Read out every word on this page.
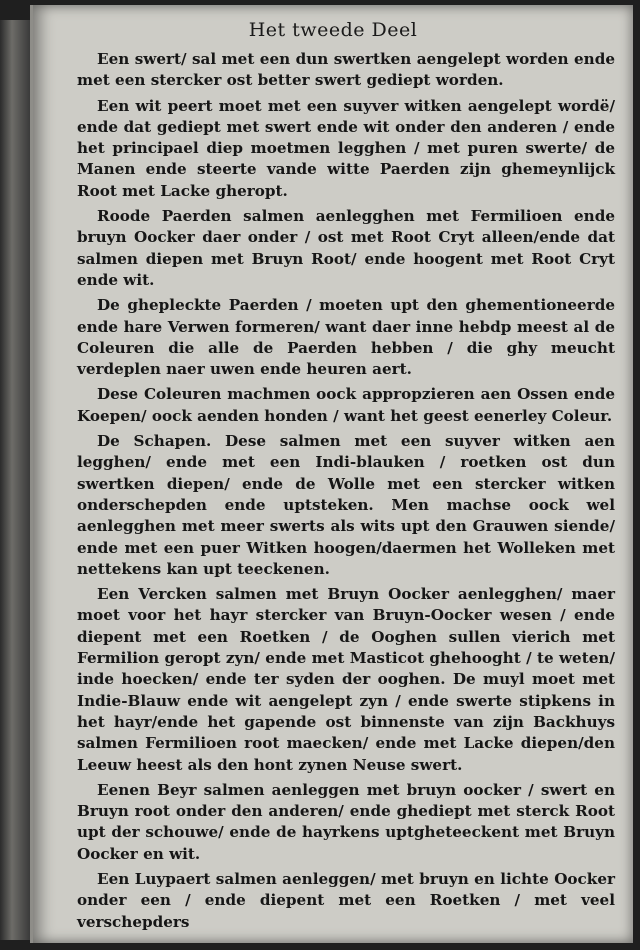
Het tweede Deel

Een swert/ sal met een dun swertken aengelept worden ende met een stercker ost better swert gediept worden.

Een wit peert moet met een suyver witken aengelept wordë/ ende dat gediept met swert ende wit onder den anderen / ende het principael diep moetmen legghen / met puren swerte/ de Manen ende steerte vande witte Paerden zijn ghemeynlijck Root met Lacke gheropt.

Roode Paerden salmen aenlegghen met Fermilioen ende bruyn Oocker daer onder / ost met Root Cryt alleen/ende dat salmen diepen met Bruyn Root/ ende hoogent met Root Cryt ende wit.

De ghepleckte Paerden / moeten upt den ghementioneerde ende hare Verwen formeren/ want daer inne hebdp meest al de Coleuren die alle de Paerden hebben / die ghy meucht verdeplen naer uwen ende heuren aert.

Dese Coleuren machmen oock appropzieren aen Ossen ende Koepen/ oock aenden honden / want het geest eenerley Coleur.

De Schapen. Dese salmen met een suyver witken aen legghen/ ende met een Indi-blauken / roetken ost dun swertken diepen/ ende de Wolle met een stercker witken onderschepden ende uptsteken. Men machse oock wel aenlegghen met meer swerts als wits upt den Grauwen siende/ ende met een puer Witken hoogen/daermen het Wolleken met nettekens kan upt teeckenen.

Een Vercken salmen met Bruyn Oocker aenlegghen/ maer moet voor het hayr stercker van Bruyn-Oocker wesen / ende diepent met een Roetken / de Ooghen sullen vierich met Fermilion geropt zyn/ ende met Masticot ghehooght / te weten/ inde hoecken/ ende ter syden der ooghen. De muyl moet met Indie-Blauw ende wit aengelept zyn / ende swerte stipkens in het hayr/ende het gapende ost binnenste van zijn Backhuys salmen Fermilioen root maecken/ ende met Lacke diepen/den Leeuw heest als den hont zynen Neuse swert.

Eenen Beyr salmen aenleggen met bruyn oocker / swert en Bruyn root onder den anderen/ ende ghediept met sterck Root upt der schouwe/ ende de hayrkens uptgheteeckent met Bruyn Oocker en wit.

Een Luypaert salmen aenleggen/ met bruyn en lichte Oocker onder een / ende diepent met een Roetken / met veel verschepders
